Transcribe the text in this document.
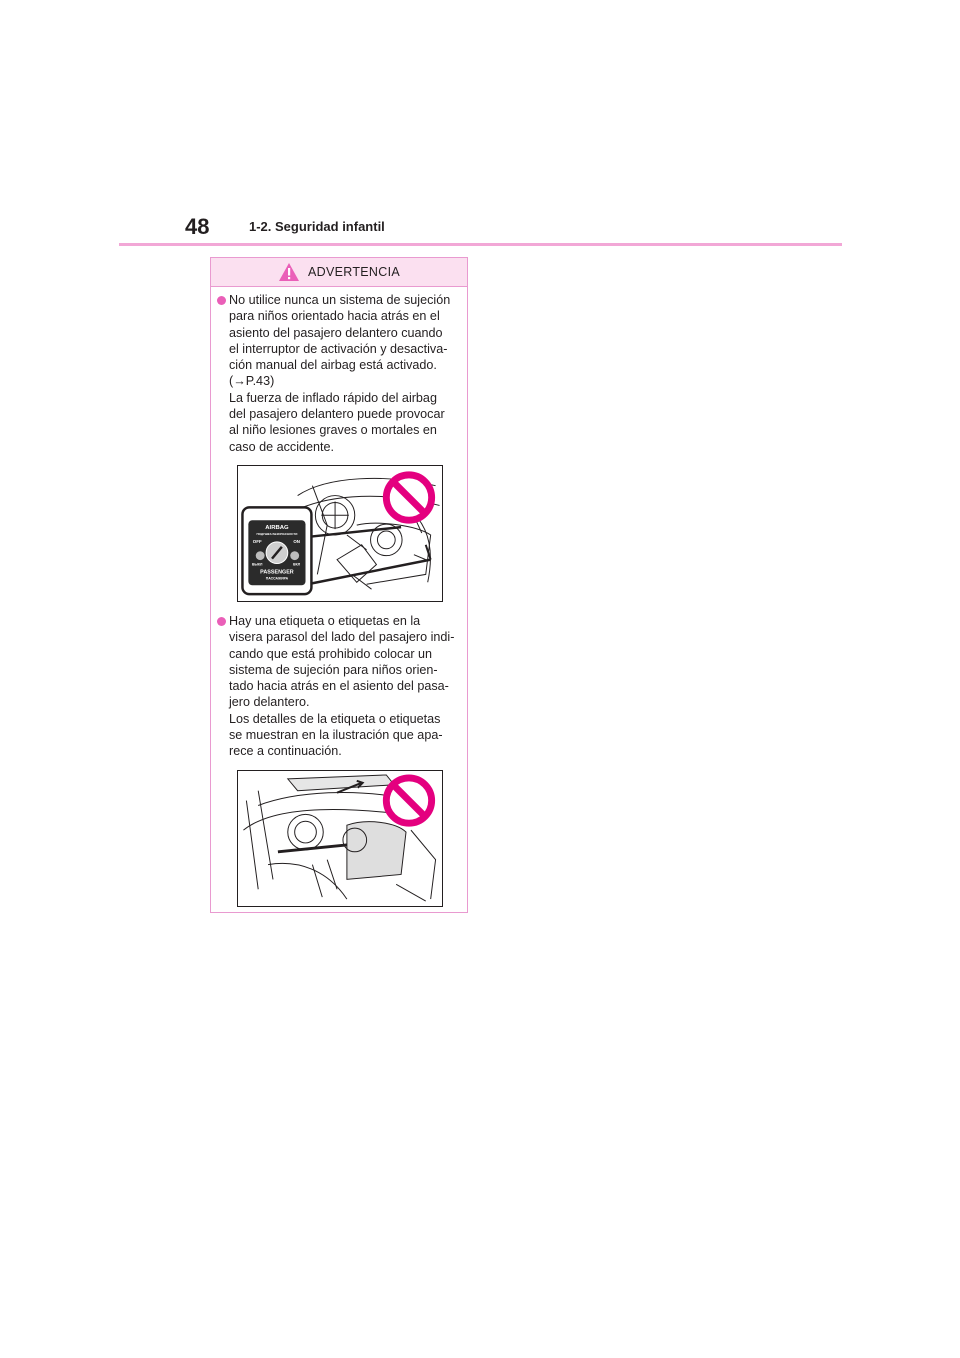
48	1-2. Seguridad infantil
ADVERTENCIA
No utilice nunca un sistema de sujeción
para niños orientado hacia atrás en el
asiento del pasajero delantero cuando
el interruptor de activación y desactiva-
ción manual del airbag está activado.
(→P.43)
La fuerza de inflado rápido del airbag
del pasajero delantero puede provocar
al niño lesiones graves o mortales en
caso de accidente.
AIRBAG
ПОДУШКА БЕЗОПАСНОСТИ
OFF	ON
ВЫКЛ	ВКЛ
PASSENGER
ПАССАЖИРА
Hay una etiqueta o etiquetas en la
visera parasol del lado del pasajero indi-
cando que está prohibido colocar un
sistema de sujeción para niños orien-
tado hacia atrás en el asiento del pasa-
jero delantero.
Los detalles de la etiqueta o etiquetas
se muestran en la ilustración que apa-
rece a continuación.
